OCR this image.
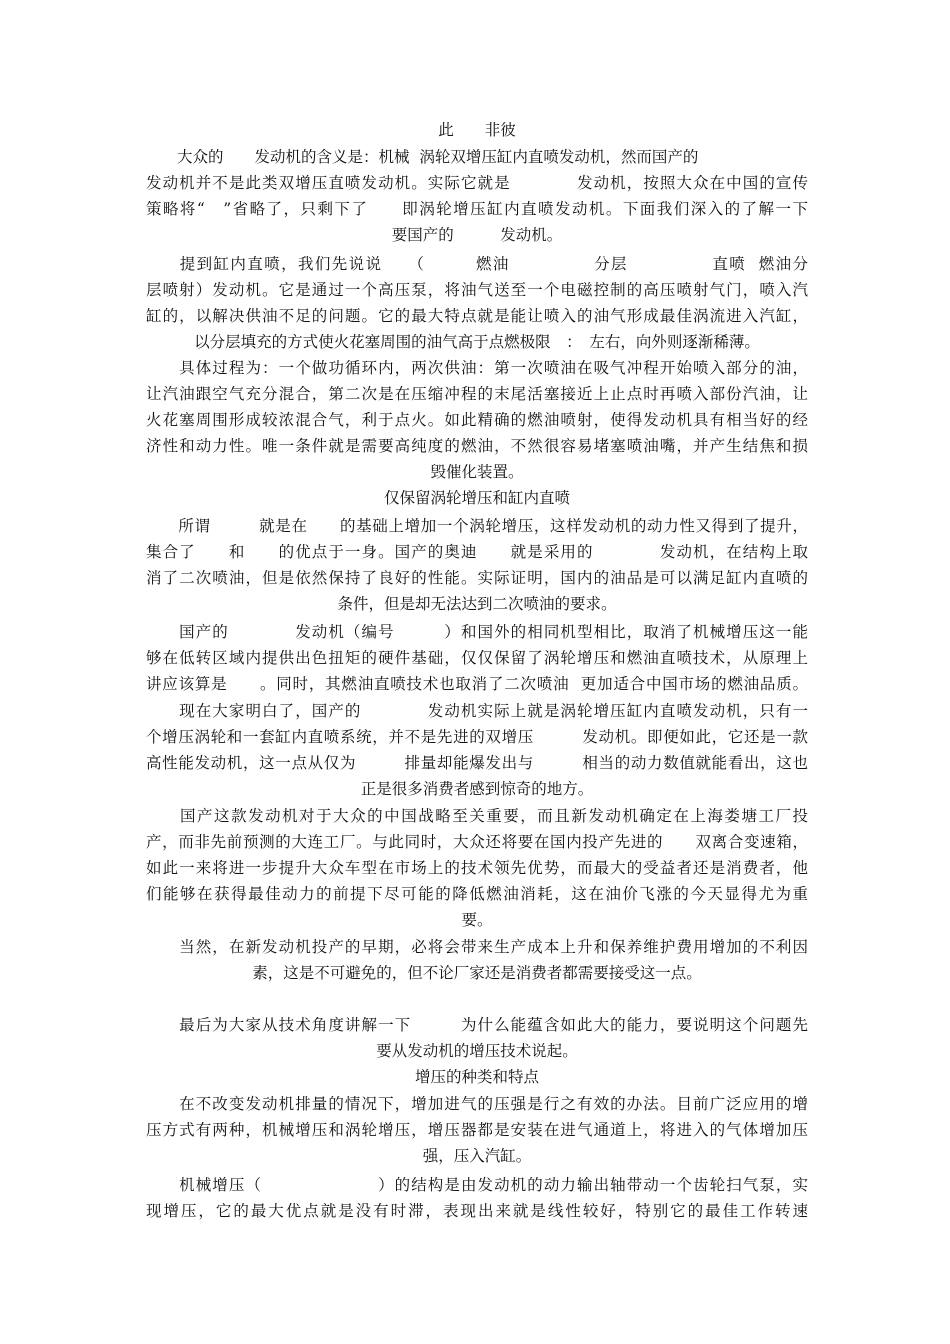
此　　非彼
　　大众的　　发动机的含义是：机械  涡轮双增压缸内直喷发动机，然而国产的
发动机并不是此类双增压直喷发动机。实际它就是　　　　发动机，按照大众在中国的宣传
策略将“　”省略了，只剩下了　　即涡轮增压缸内直喷发动机。下面我们深入的了解一下
要国产的　　　发动机。
　　提到缸内直喷，我们先说说　　（　　　燃油　　　　　分层　　　　　直喷  燃油分
层喷射）发动机。它是通过一个高压泵，将油气送至一个电磁控制的高压喷射气门，喷入汽
缸的，以解决供油不足的问题。它的最大特点就是能让喷入的油气形成最佳涡流进入汽缸，
以分层填充的方式使火花塞周围的油气高于点燃极限　：　左右，向外则逐渐稀薄。
　　具体过程为：一个做功循环内，两次供油：第一次喷油在吸气冲程开始喷入部分的油，
让汽油跟空气充分混合，第二次是在压缩冲程的末尾活塞接近上止点时再喷入部份汽油，让
火花塞周围形成较浓混合气，利于点火。如此精确的燃油喷射，使得发动机具有相当好的经
济性和动力性。唯一条件就是需要高纯度的燃油，不然很容易堵塞喷油嘴，并产生结焦和损
毁催化装置。
仅保留涡轮增压和缸内直喷
　　所谓　　　就是在　　的基础上增加一个涡轮增压，这样发动机的动力性又得到了提升，
集合了　　和　　的优点于一身。国产的奥迪　　就是采用的　　　　发动机，在结构上取
消了二次喷油，但是依然保持了良好的性能。实际证明，国内的油品是可以满足缸内直喷的
条件，但是却无法达到二次喷油的要求。
　　国产的　　　　发动机（编号　　　）和国外的相同机型相比，取消了机械增压这一能
够在低转区域内提供出色扭矩的硬件基础，仅仅保留了涡轮增压和燃油直喷技术，从原理上
讲应该算是　　。同时，其燃油直喷技术也取消了二次喷油  更加适合中国市场的燃油品质。
　　现在大家明白了，国产的　　　　发动机实际上就是涡轮增压缸内直喷发动机，只有一
个增压涡轮和一套缸内直喷系统，并不是先进的双增压　　　发动机。即便如此，它还是一款
高性能发动机，这一点从仅为　　　排量却能爆发出与　　　相当的动力数值就能看出，这也
正是很多消费者感到惊奇的地方。
　　国产这款发动机对于大众的中国战略至关重要，而且新发动机确定在上海娄塘工厂投
产，而非先前预测的大连工厂。与此同时，大众还将要在国内投产先进的　　双离合变速箱，
如此一来将进一步提升大众车型在市场上的技术领先优势，而最大的受益者还是消费者，他
们能够在获得最佳动力的前提下尽可能的降低燃油消耗，这在油价飞涨的今天显得尤为重
要。
　　当然，在新发动机投产的早期，必将会带来生产成本上升和保养维护费用增加的不利因
素，这是不可避免的，但不论厂家还是消费者都需要接受这一点。
　　最后为大家从技术角度讲解一下　　　为什么能蕴含如此大的能力，要说明这个问题先
要从发动机的增压技术说起。
增压的种类和特点
　　在不改变发动机排量的情况下，增加进气的压强是行之有效的办法。目前广泛应用的增
压方式有两种，机械增压和涡轮增压，增压器都是安装在进气通道上，将进入的气体增加压
强，压入汽缸。
　　机械增压（　　　　　　　）的结构是由发动机的动力输出轴带动一个齿轮扫气泵，实
现增压，它的最大优点就是没有时滞，表现出来就是线性较好，特别它的最佳工作转速
